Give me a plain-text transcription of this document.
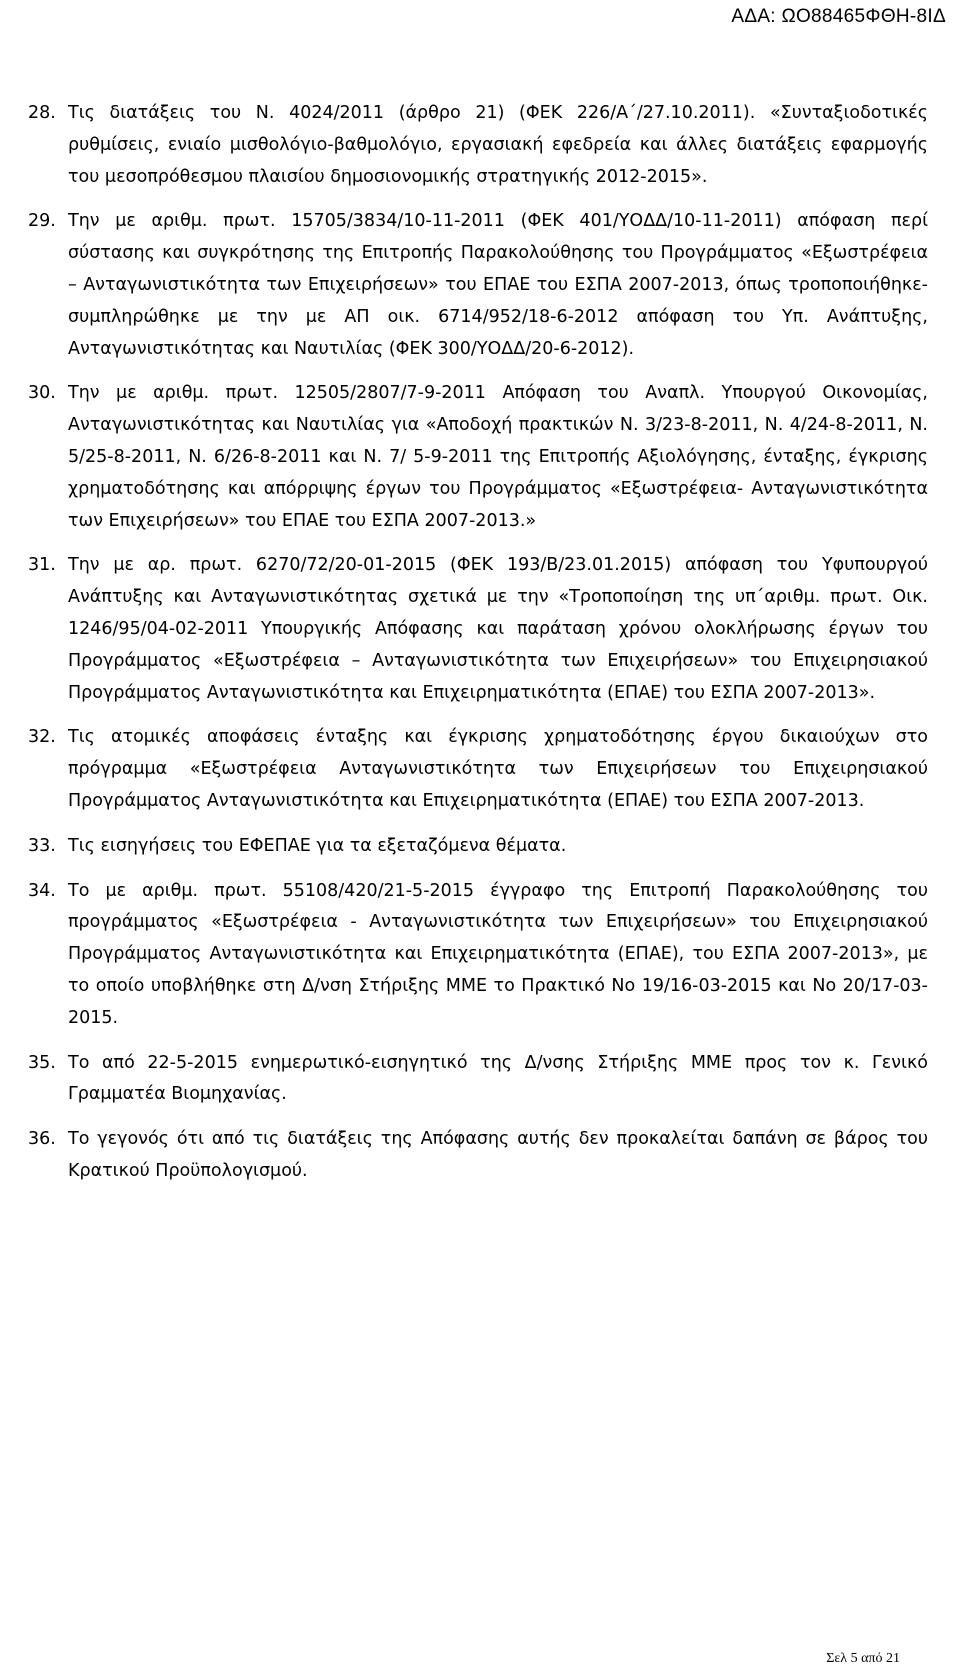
ΑΔΑ: ΩΟ88465ΦΘΗ-8ΙΔ
28. Τις διατάξεις του Ν. 4024/2011 (άρθρο 21) (ΦΕΚ 226/Α΄/27.10.2011). «Συνταξιοδοτικές ρυθμίσεις, ενιαίο μισθολόγιο-βαθμολόγιο, εργασιακή εφεδρεία και άλλες διατάξεις εφαρμογής του μεσοπρόθεσμου πλαισίου δημοσιονομικής στρατηγικής 2012-2015».
29. Την με αριθμ. πρωτ. 15705/3834/10-11-2011 (ΦΕΚ 401/ΥΟΔΔ/10-11-2011) απόφαση περί σύστασης και συγκρότησης της Επιτροπής Παρακολούθησης του Προγράμματος «Εξωστρέφεια – Ανταγωνιστικότητα των Επιχειρήσεων» του ΕΠΑΕ του ΕΣΠΑ 2007-2013, όπως τροποποιήθηκε- συμπληρώθηκε με την με ΑΠ οικ. 6714/952/18-6-2012 απόφαση του Υπ. Ανάπτυξης, Ανταγωνιστικότητας και Ναυτιλίας (ΦΕΚ 300/ΥΟΔΔ/20-6-2012).
30. Την με αριθμ. πρωτ. 12505/2807/7-9-2011 Απόφαση του Αναπλ. Υπουργού Οικονομίας, Ανταγωνιστικότητας και Ναυτιλίας για «Αποδοχή πρακτικών Ν. 3/23-8-2011, Ν. 4/24-8-2011, Ν. 5/25-8-2011, Ν. 6/26-8-2011 και Ν. 7/ 5-9-2011 της Επιτροπής Αξιολόγησης, ένταξης, έγκρισης χρηματοδότησης και απόρριψης έργων του Προγράμματος «Εξωστρέφεια- Ανταγωνιστικότητα των Επιχειρήσεων» του ΕΠΑΕ του ΕΣΠΑ 2007-2013.»
31. Την με αρ. πρωτ. 6270/72/20-01-2015 (ΦΕΚ 193/Β/23.01.2015) απόφαση του Υφυπουργού Ανάπτυξης και Ανταγωνιστικότητας σχετικά με την «Τροποποίηση της υπ΄αριθμ. πρωτ. Οικ. 1246/95/04-02-2011 Υπουργικής Απόφασης και παράταση χρόνου ολοκλήρωσης έργων του Προγράμματος «Εξωστρέφεια – Ανταγωνιστικότητα των Επιχειρήσεων» του Επιχειρησιακού Προγράμματος Ανταγωνιστικότητα και Επιχειρηματικότητα (ΕΠΑΕ) του ΕΣΠΑ 2007-2013».
32. Τις ατομικές αποφάσεις ένταξης και έγκρισης χρηματοδότησης έργου δικαιούχων στο πρόγραμμα «Εξωστρέφεια Ανταγωνιστικότητα των Επιχειρήσεων του Επιχειρησιακού Προγράμματος Ανταγωνιστικότητα και Επιχειρηματικότητα (ΕΠΑΕ) του ΕΣΠΑ 2007-2013.
33. Τις εισηγήσεις του ΕΦΕΠΑΕ για τα εξεταζόμενα θέματα.
34. Το με αριθμ. πρωτ. 55108/420/21-5-2015 έγγραφο της Επιτροπή Παρακολούθησης του προγράμματος «Εξωστρέφεια - Ανταγωνιστικότητα των Επιχειρήσεων» του Επιχειρησιακού Προγράμματος Ανταγωνιστικότητα και Επιχειρηματικότητα (ΕΠΑΕ), του ΕΣΠΑ 2007-2013», με το οποίο υποβλήθηκε στη Δ/νση Στήριξης ΜΜΕ το Πρακτικό Νο 19/16-03-2015 και Νο 20/17-03-2015.
35. Το από 22-5-2015 ενημερωτικό-εισηγητικό της Δ/νσης Στήριξης ΜΜΕ προς τον κ. Γενικό Γραμματέα Βιομηχανίας.
36. Το γεγονός ότι από τις διατάξεις της Απόφασης αυτής δεν προκαλείται δαπάνη σε βάρος του Κρατικού Προϋπολογισμού.
Σελ 5 από 21
